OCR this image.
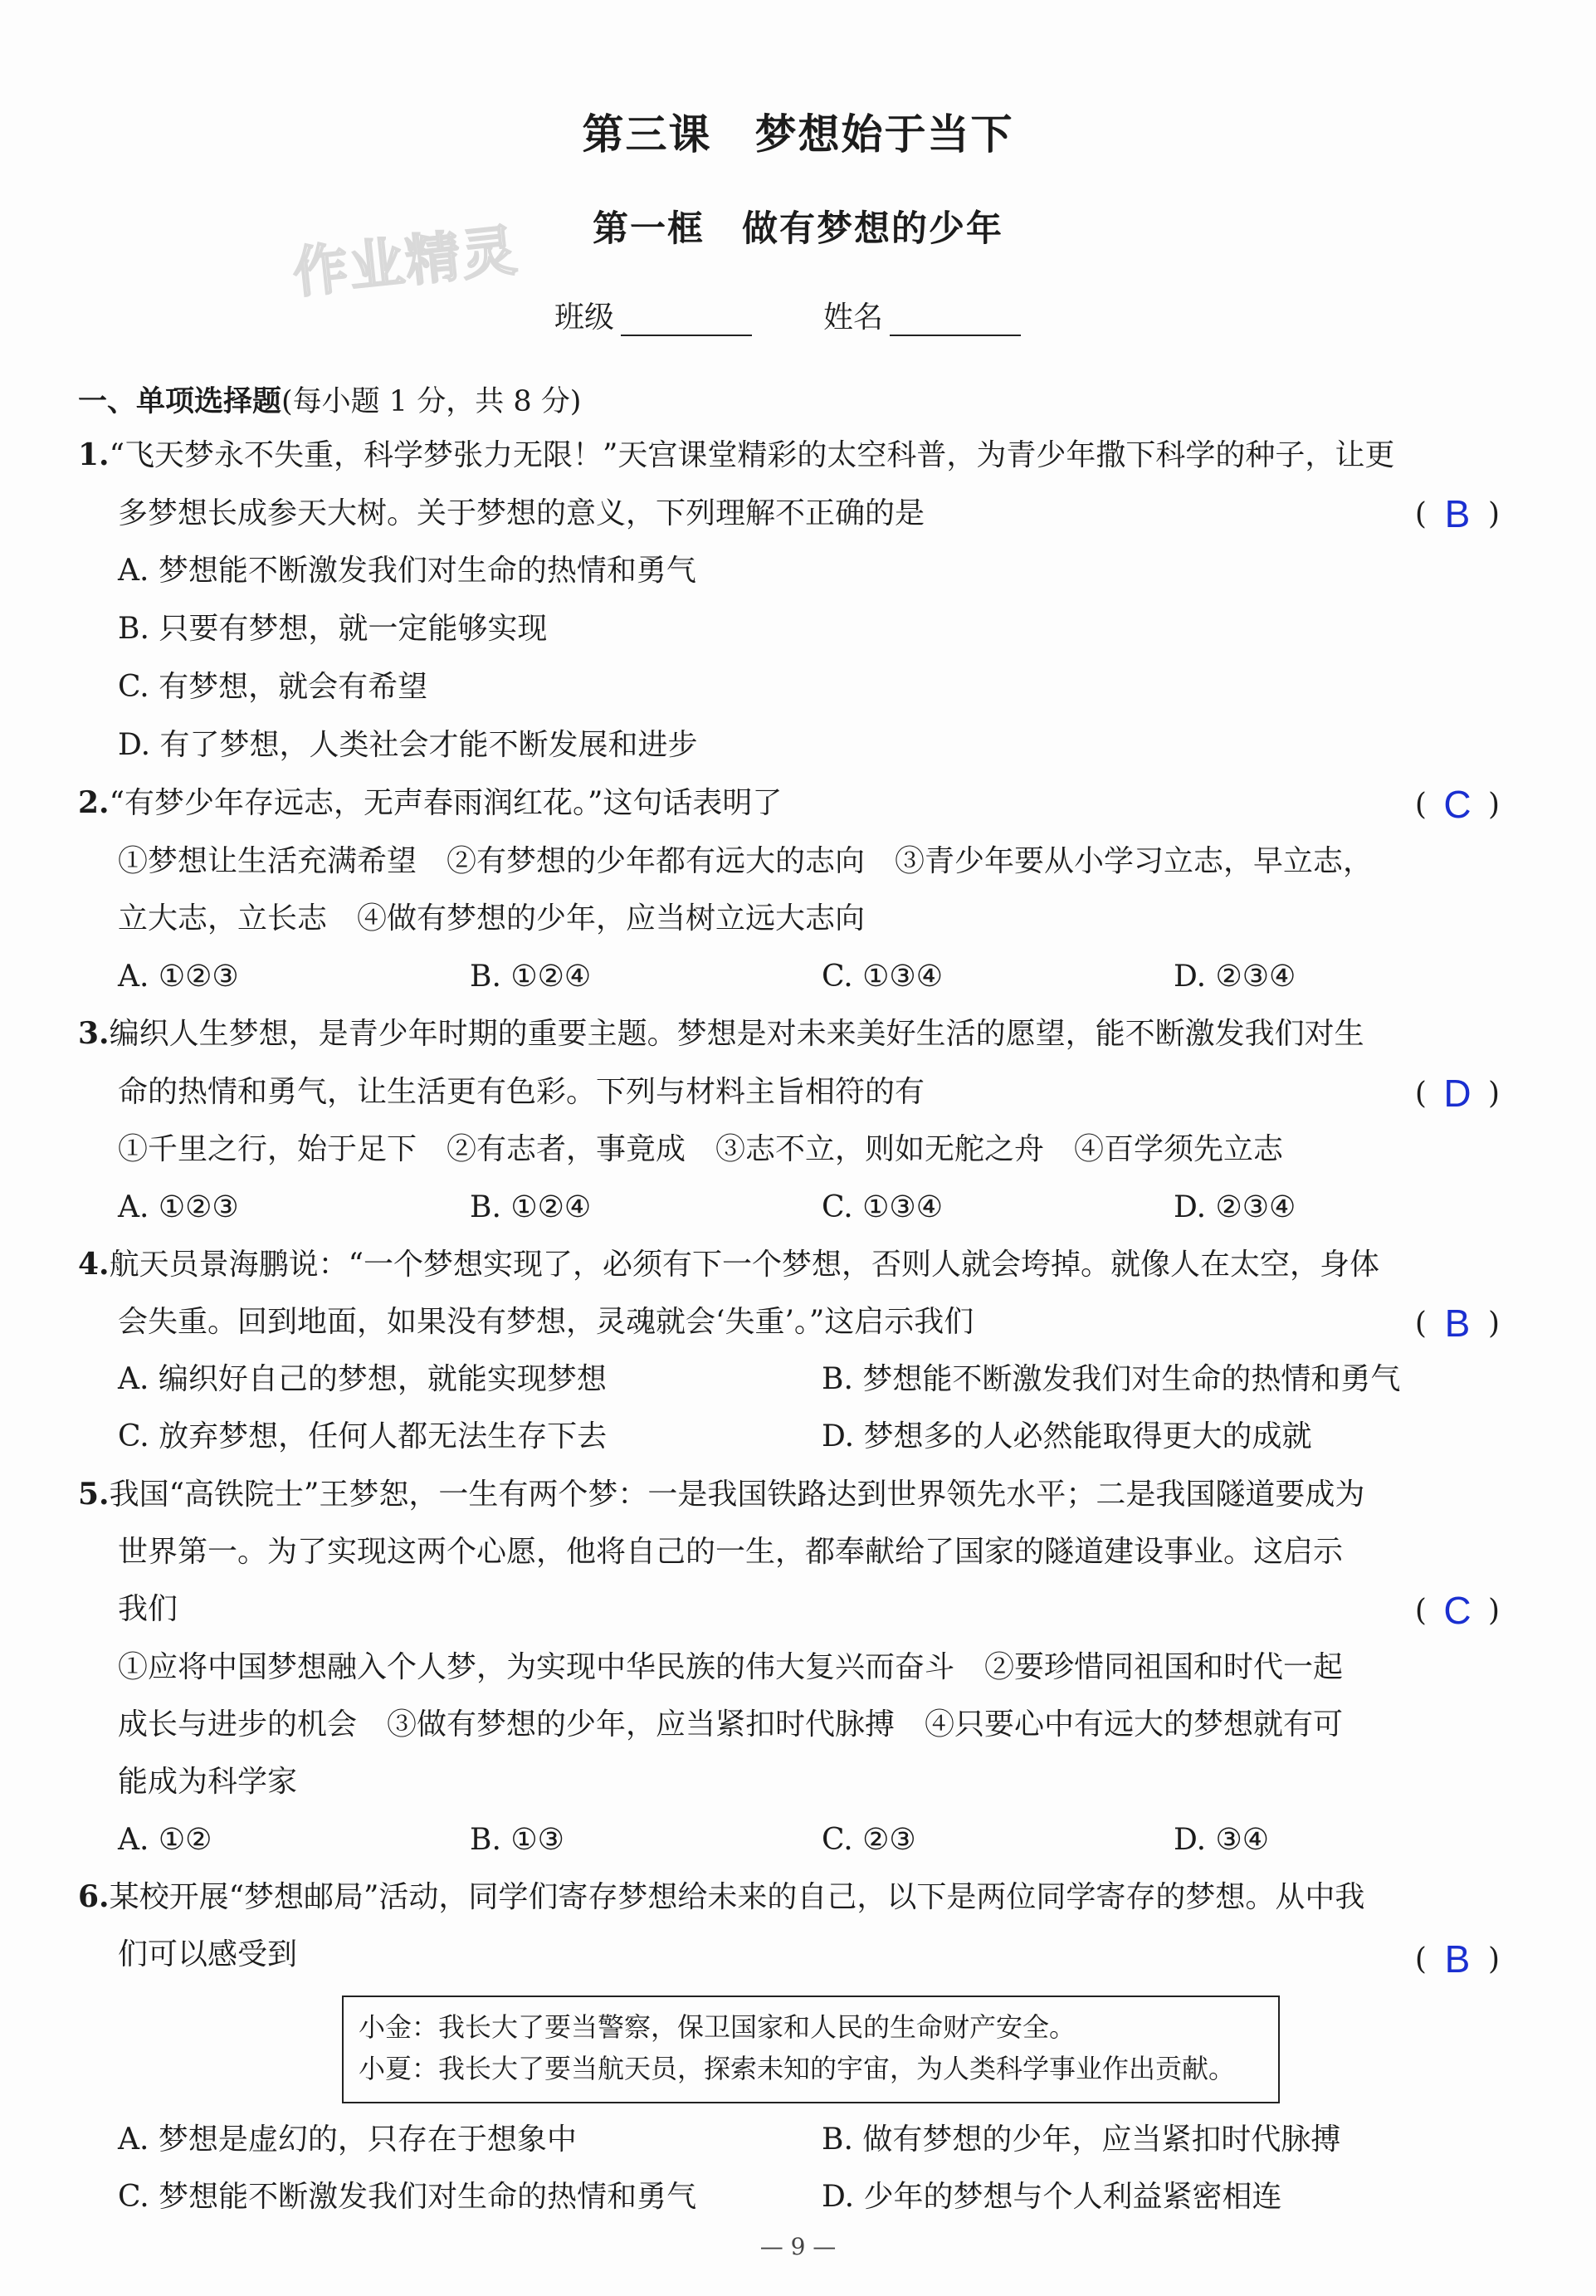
第三课　梦想始于当下
第一框　做有梦想的少年
作业精灵
班级	姓名
一、单项选择题(每小题 1 分，共 8 分)
1.“飞天梦永不失重，科学梦张力无限！”天宫课堂精彩的太空科普，为青少年撒下科学的种子，让更
多梦想长成参天大树。关于梦想的意义，下列理解不正确的是	( B )
A. 梦想能不断激发我们对生命的热情和勇气
B. 只要有梦想，就一定能够实现
C. 有梦想，就会有希望
D. 有了梦想，人类社会才能不断发展和进步
2.“有梦少年存远志，无声春雨润红花。”这句话表明了	( C )
①梦想让生活充满希望　②有梦想的少年都有远大的志向　③青少年要从小学习立志，早立志，
立大志，立长志　④做有梦想的少年，应当树立远大志向
A. ①②③	B. ①②④	C. ①③④	D. ②③④
3.编织人生梦想，是青少年时期的重要主题。梦想是对未来美好生活的愿望，能不断激发我们对生
命的热情和勇气，让生活更有色彩。下列与材料主旨相符的有	( D )
①千里之行，始于足下　②有志者，事竟成　③志不立，则如无舵之舟　④百学须先立志
A. ①②③	B. ①②④	C. ①③④	D. ②③④
4.航天员景海鹏说：“一个梦想实现了，必须有下一个梦想，否则人就会垮掉。就像人在太空，身体
会失重。回到地面，如果没有梦想，灵魂就会‘失重’。”这启示我们	( B )
A. 编织好自己的梦想，就能实现梦想	B. 梦想能不断激发我们对生命的热情和勇气
C. 放弃梦想，任何人都无法生存下去	D. 梦想多的人必然能取得更大的成就
5.我国“高铁院士”王梦恕，一生有两个梦：一是我国铁路达到世界领先水平；二是我国隧道要成为
世界第一。为了实现这两个心愿，他将自己的一生，都奉献给了国家的隧道建设事业。这启示
我们	( C )
①应将中国梦想融入个人梦，为实现中华民族的伟大复兴而奋斗　②要珍惜同祖国和时代一起
成长与进步的机会　③做有梦想的少年，应当紧扣时代脉搏　④只要心中有远大的梦想就有可
能成为科学家
A. ①②	B. ①③	C. ②③	D. ③④
6.某校开展“梦想邮局”活动，同学们寄存梦想给未来的自己，以下是两位同学寄存的梦想。从中我
们可以感受到	( B )
小金：我长大了要当警察，保卫国家和人民的生命财产安全。
小夏：我长大了要当航天员，探索未知的宇宙，为人类科学事业作出贡献。
A. 梦想是虚幻的，只存在于想象中	B. 做有梦想的少年，应当紧扣时代脉搏
C. 梦想能不断激发我们对生命的热情和勇气	D. 少年的梦想与个人利益紧密相连
— 9 —
